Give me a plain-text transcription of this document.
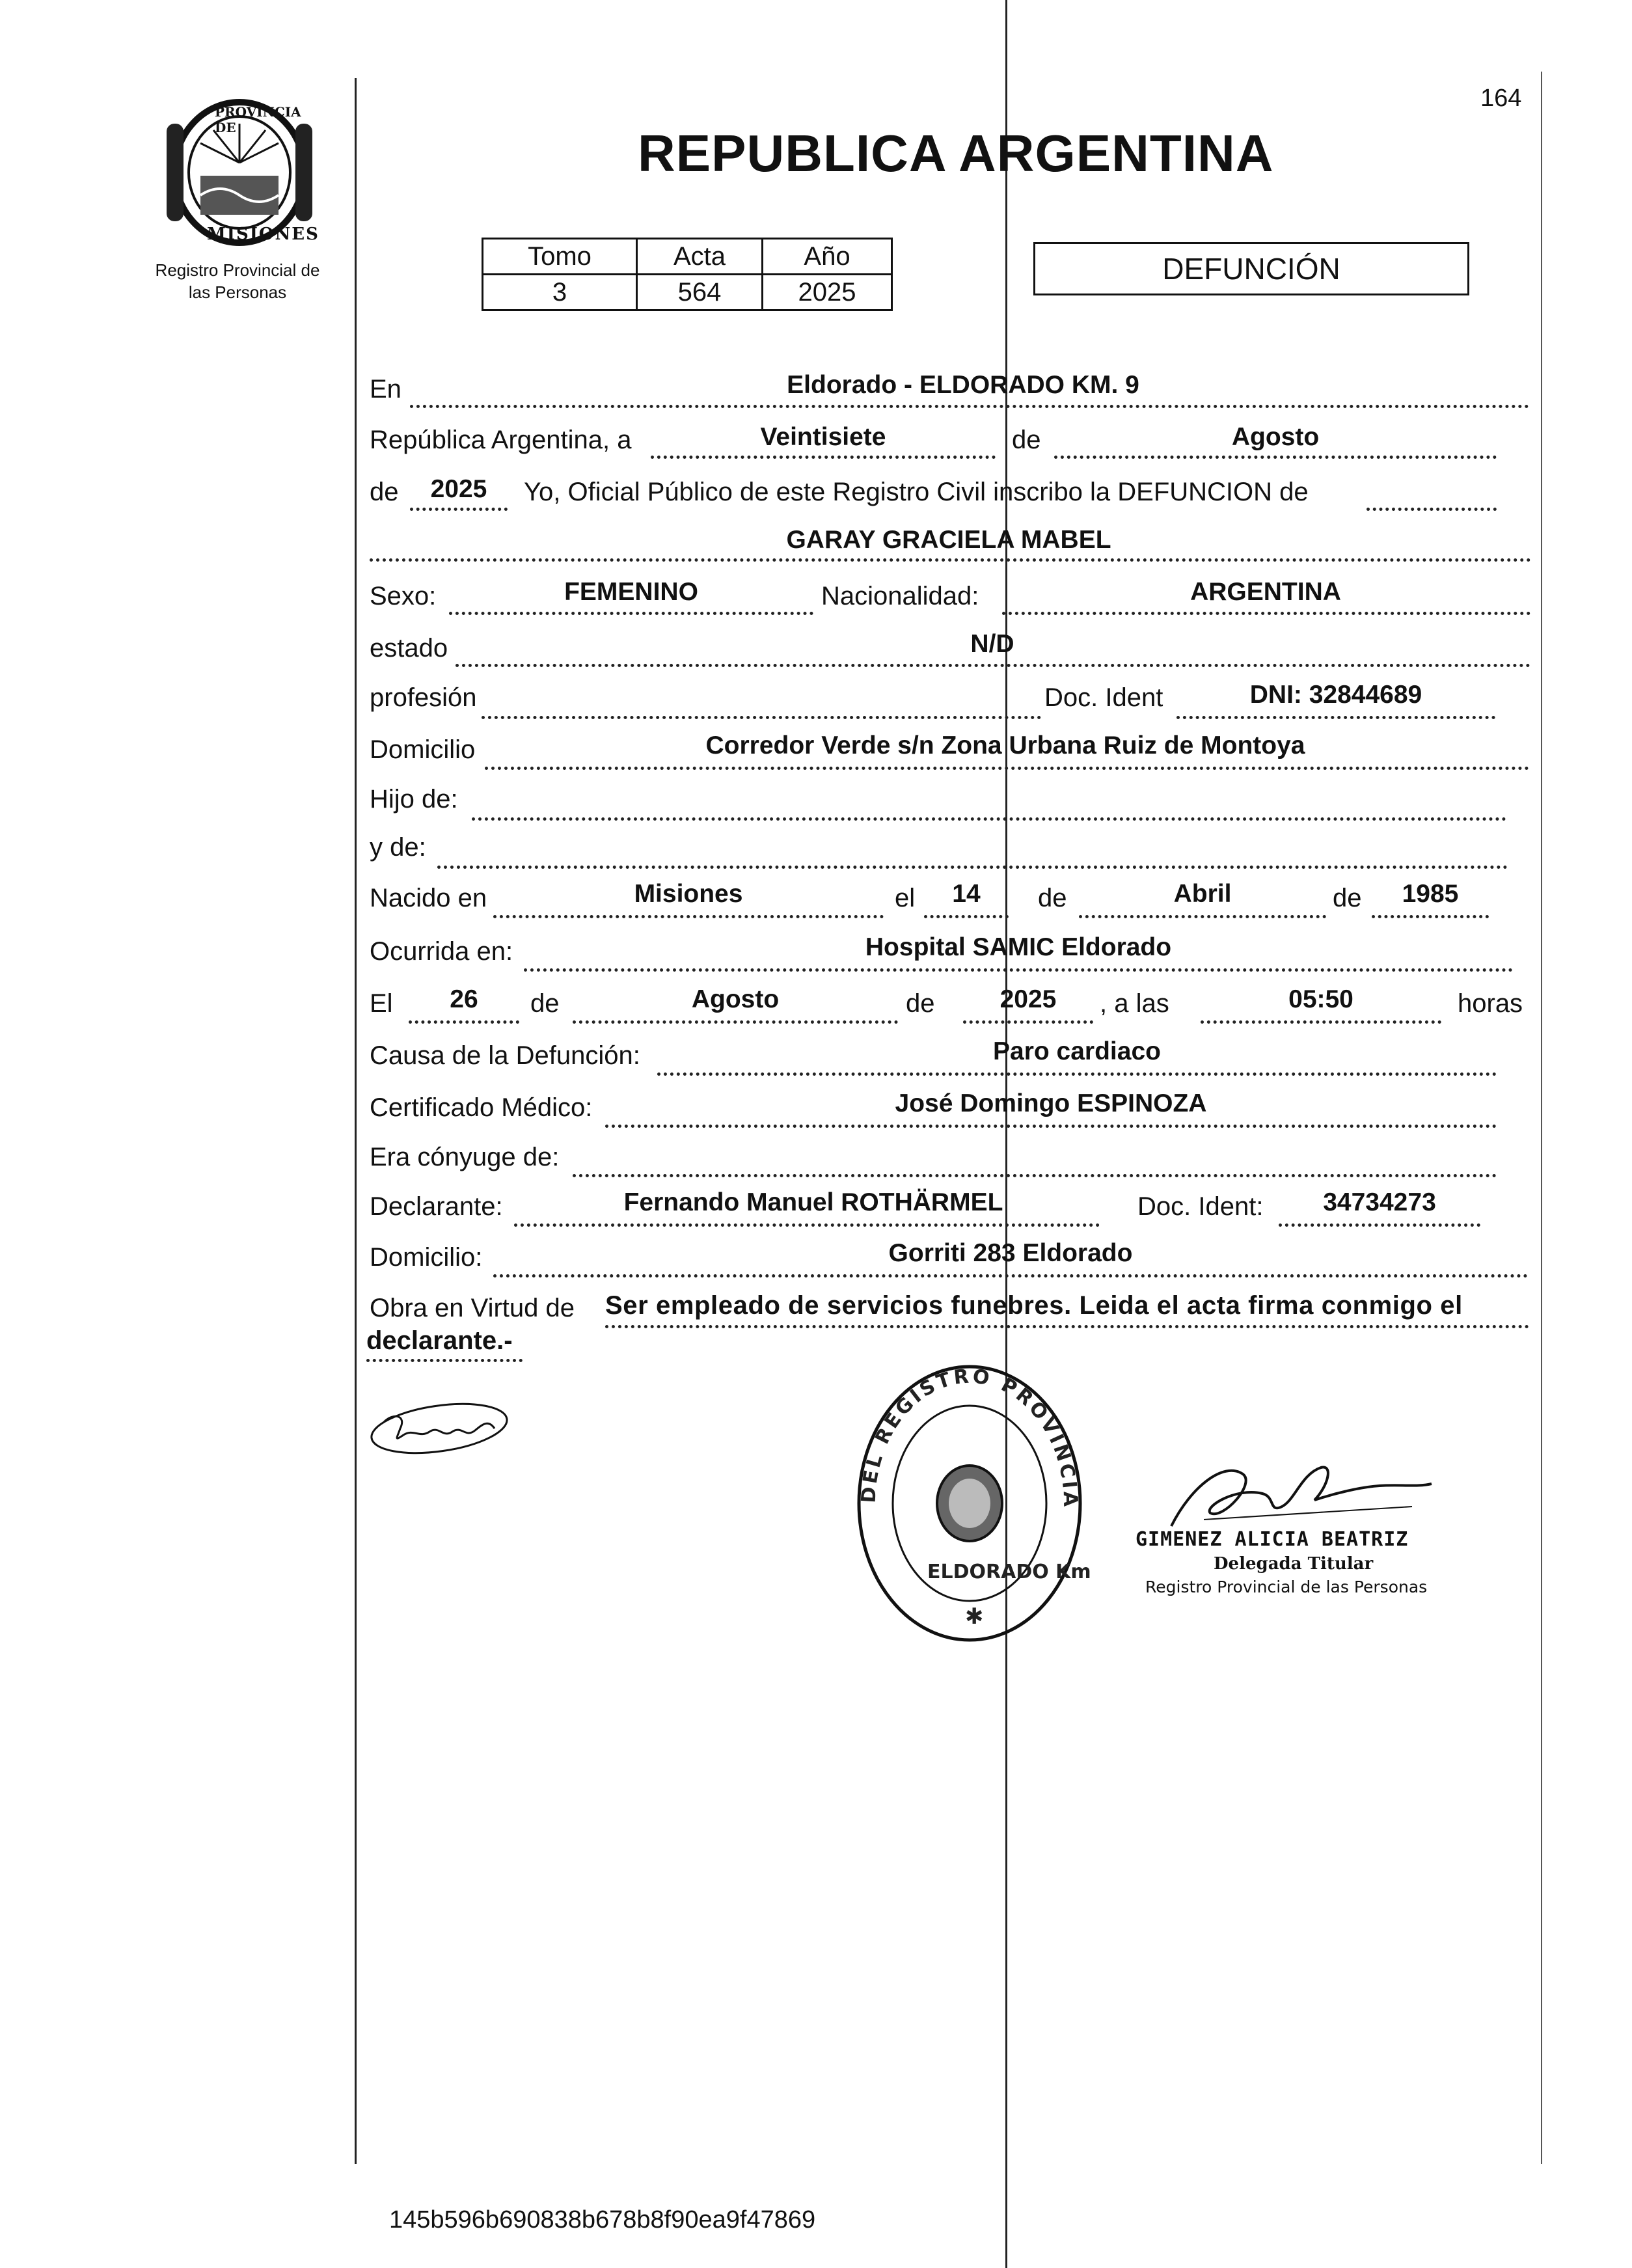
PROVINCIA DE
MISIONES
Registro Provincial de
las Personas
164
REPUBLICA ARGENTINA
Tomo	Acta	Año
3	564	2025
DEFUNCIÓN
En	Eldorado - ELDORADO KM. 9
República Argentina, a	Veintisiete	de	Agosto
de	2025	Yo, Oficial Público de este Registro Civil inscribo la DEFUNCION de
GARAY GRACIELA MABEL
Sexo:	FEMENINO	Nacionalidad:	ARGENTINA
estado	N/D
profesión	Doc. Ident	DNI: 32844689
Domicilio	Corredor Verde s/n Zona Urbana Ruiz de Montoya
Hijo de:
y de:
Nacido en	Misiones	el	14	de	Abril	de	1985
Ocurrida en:	Hospital SAMIC Eldorado
El	26	de	Agosto	de	2025	, a las	05:50	horas
Causa de la Defunción:	Paro cardiaco
Certificado Médico:	José Domingo ESPINOZA
Era cónyuge de:
Declarante:	Fernando Manuel ROTHÄRMEL	Doc. Ident:	34734273
Domicilio:	Gorriti 283 Eldorado
Obra en Virtud de Ser empleado de servicios funebres. Leida el acta firma conmigo el
declarante.-
DEL REGISTRO PROVINCIA
ELDORADO Km
✱
GIMENEZ ALICIA BEATRIZ
Delegada Titular
Registro Provincial de las Personas
145b596b690838b678b8f90ea9f47869
